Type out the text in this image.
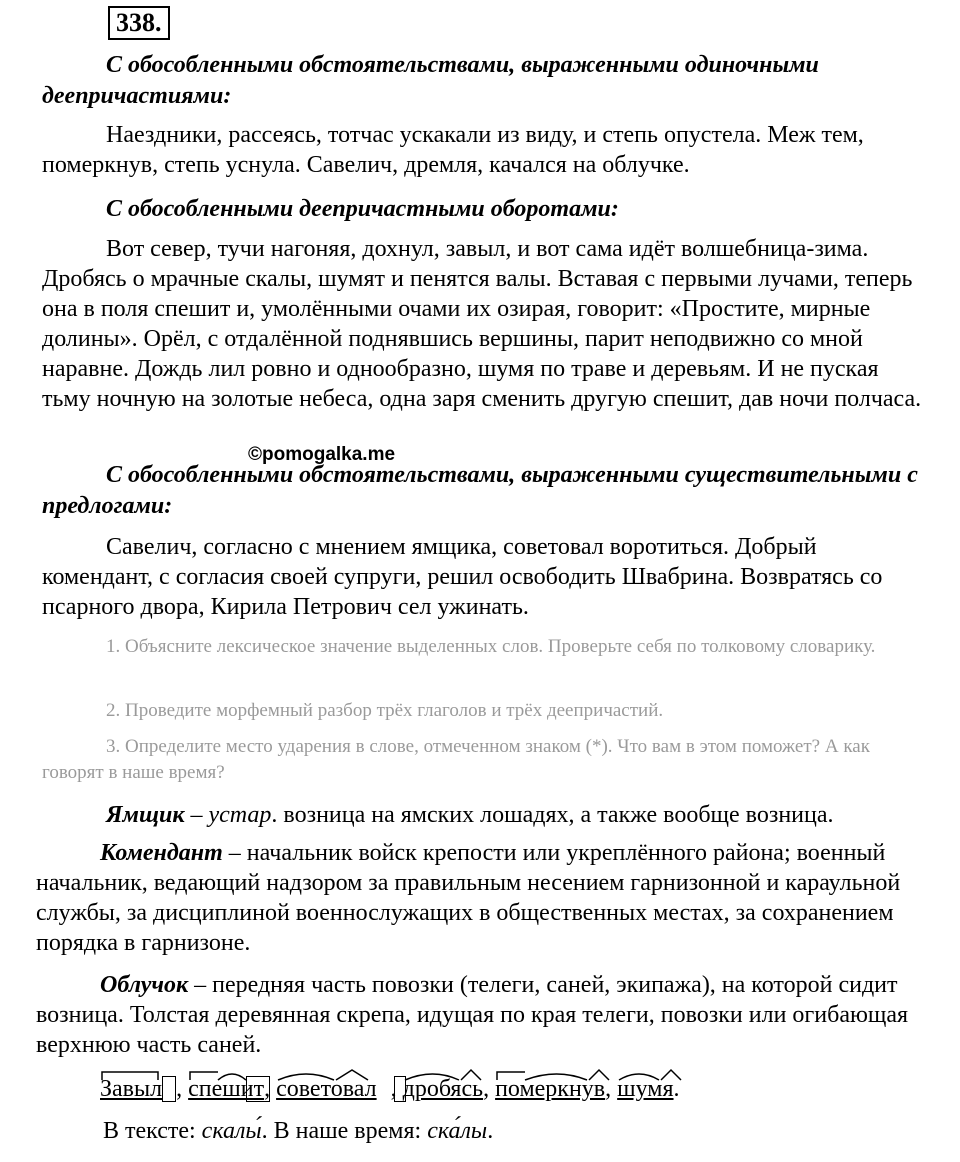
338.
С обособленными обстоятельствами, выраженными одиночными деепричастиями:
Наездники, рассеясь, тотчас ускакали из виду, и степь опустела. Меж тем, померкнув, степь уснула. Савелич, дремля, качался на облучке.
С обособленными деепричастными оборотами:
Вот север, тучи нагоняя, дохнул, завыл, и вот сама идёт волшебница-зима. Дробясь о мрачные скалы, шумят и пенятся валы. Вставая с первыми лучами, теперь она в поля спешит и, умолёнными очами их озирая, говорит: «Простите, мирные долины». Орёл, с отдалённой поднявшись вершины, парит неподвижно со мной наравне. Дождь лил ровно и однообразно, шумя по траве и деревьям. И не пуская тьму ночную на золотые небеса, одна заря сменить другую спешит, дав ночи полчаса.
©pomogalka.me
С обособленными обстоятельствами, выраженными существительными с предлогами:
Савелич, согласно с мнением ямщика, советовал воротиться. Добрый комендант, с согласия своей супруги, решил освободить Швабрина. Возвратясь со псарного двора, Кирила Петрович сел ужинать.
1. Объясните лексическое значение выделенных слов. Проверьте себя по толковому словарику.
2. Проведите морфемный разбор трёх глаголов и трёх деепричастий.
3. Определите место ударения в слове, отмеченном знаком (*). Что вам в этом поможет? А как говорят в наше время?
Ямщик – устар. возница на ямских лошадях, а также вообще возница.
Комендант – начальник войск крепости или укреплённого района; военный начальник, ведающий надзором за правильным несением гарнизонной и караульной службы, за дисциплиной военнослужащих в общественных местах, за сохранением порядка в гарнизоне.
Облучок – передняя часть повозки (телеги, саней, экипажа), на которой сидит возница. Толстая деревянная скрепа, идущая по края телеги, повозки или огибающая верхнюю часть саней.
Завыл , спешит, советовал , дробясь, померкнув, шумя.
В тексте: скалы́. В наше время: ска́лы.
